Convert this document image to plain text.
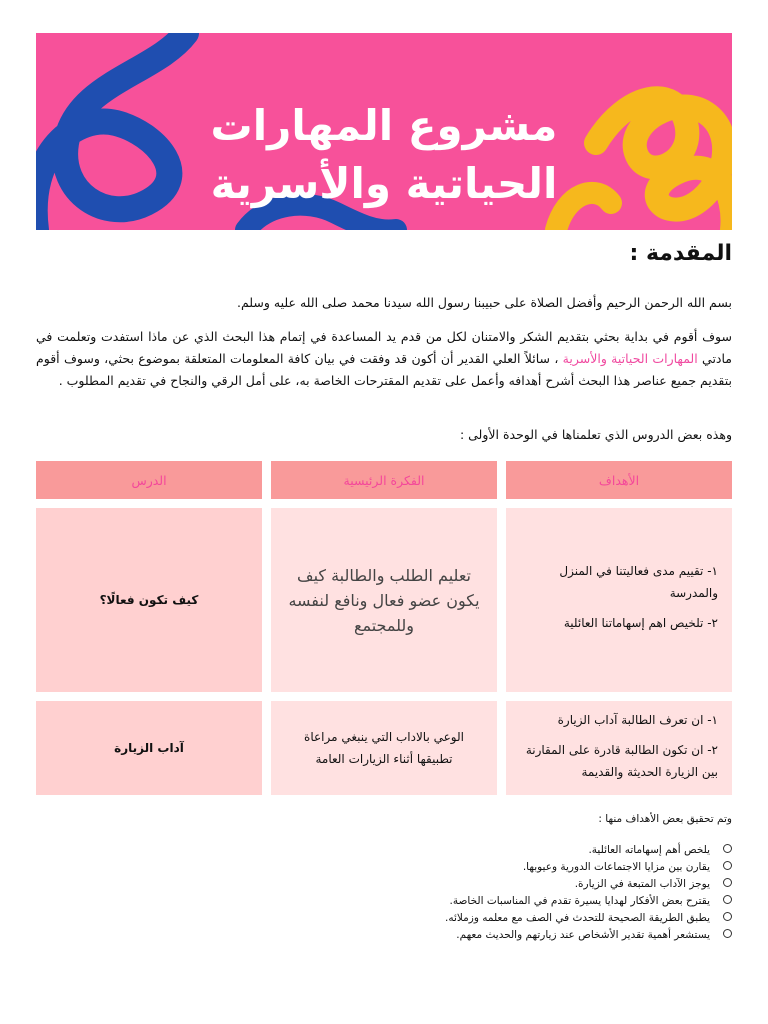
مشروع المهارات
الحياتية والأسرية
المقدمة :
بسم الله الرحمن الرحيم وأفضل الصلاة على حبيبنا رسول الله سيدنا محمد صلى الله عليه وسلم.
سوف أقوم في بداية بحثي بتقديم الشكر والامتنان لكل من قدم يد المساعدة في إتمام هذا البحث الذي عن ماذا استفدت وتعلمت في مادتي المهارات الحياتية والأسرية ، سائلاً العلي القدير أن أكون قد وفقت في بيان كافة المعلومات المتعلقة بموضوع بحثي، وسوف أقوم بتقديم جميع عناصر هذا البحث أشرح أهدافه وأعمل على تقديم المقترحات الخاصة به، على أمل الرقي والنجاح في تقديم المطلوب .
وهذه بعض الدروس الذي تعلمناها في الوحدة الأولى :
الأهداف
الفكرة الرئيسية
الدرس
١- تقييم مدى فعاليتنا في المنزل والمدرسة
٢- تلخيص اهم إسهاماتنا العائلية
تعليم الطلب والطالبة كيف يكون عضو فعال ونافع لنفسه وللمجتمع
كيف تكون فعالًا؟
١- ان تعرف الطالبة آداب الزيارة
٢- ان تكون الطالبة قادرة على المقارنة بين الزيارة الحديثة والقديمة
الوعي بالاداب التي ينبغي مراعاة تطبيقها أثناء الزيارات العامة
آداب الزيارة
وتم تحقيق بعض الأهداف منها :
يلخص أهم إسهاماته العائلية.
يقارن بين مزايا الاجتماعات الدورية وعيوبها.
يوجز الآداب المتبعة في الزيارة.
يقترح بعض الأفكار لهدايا يسيرة تقدم في المناسبات الخاصة.
يطبق الطريقة الصحيحة للتحدث في الصف مع معلمه وزملائه.
يستشعر أهمية تقدير الأشخاص عند زيارتهم والحديث معهم.
